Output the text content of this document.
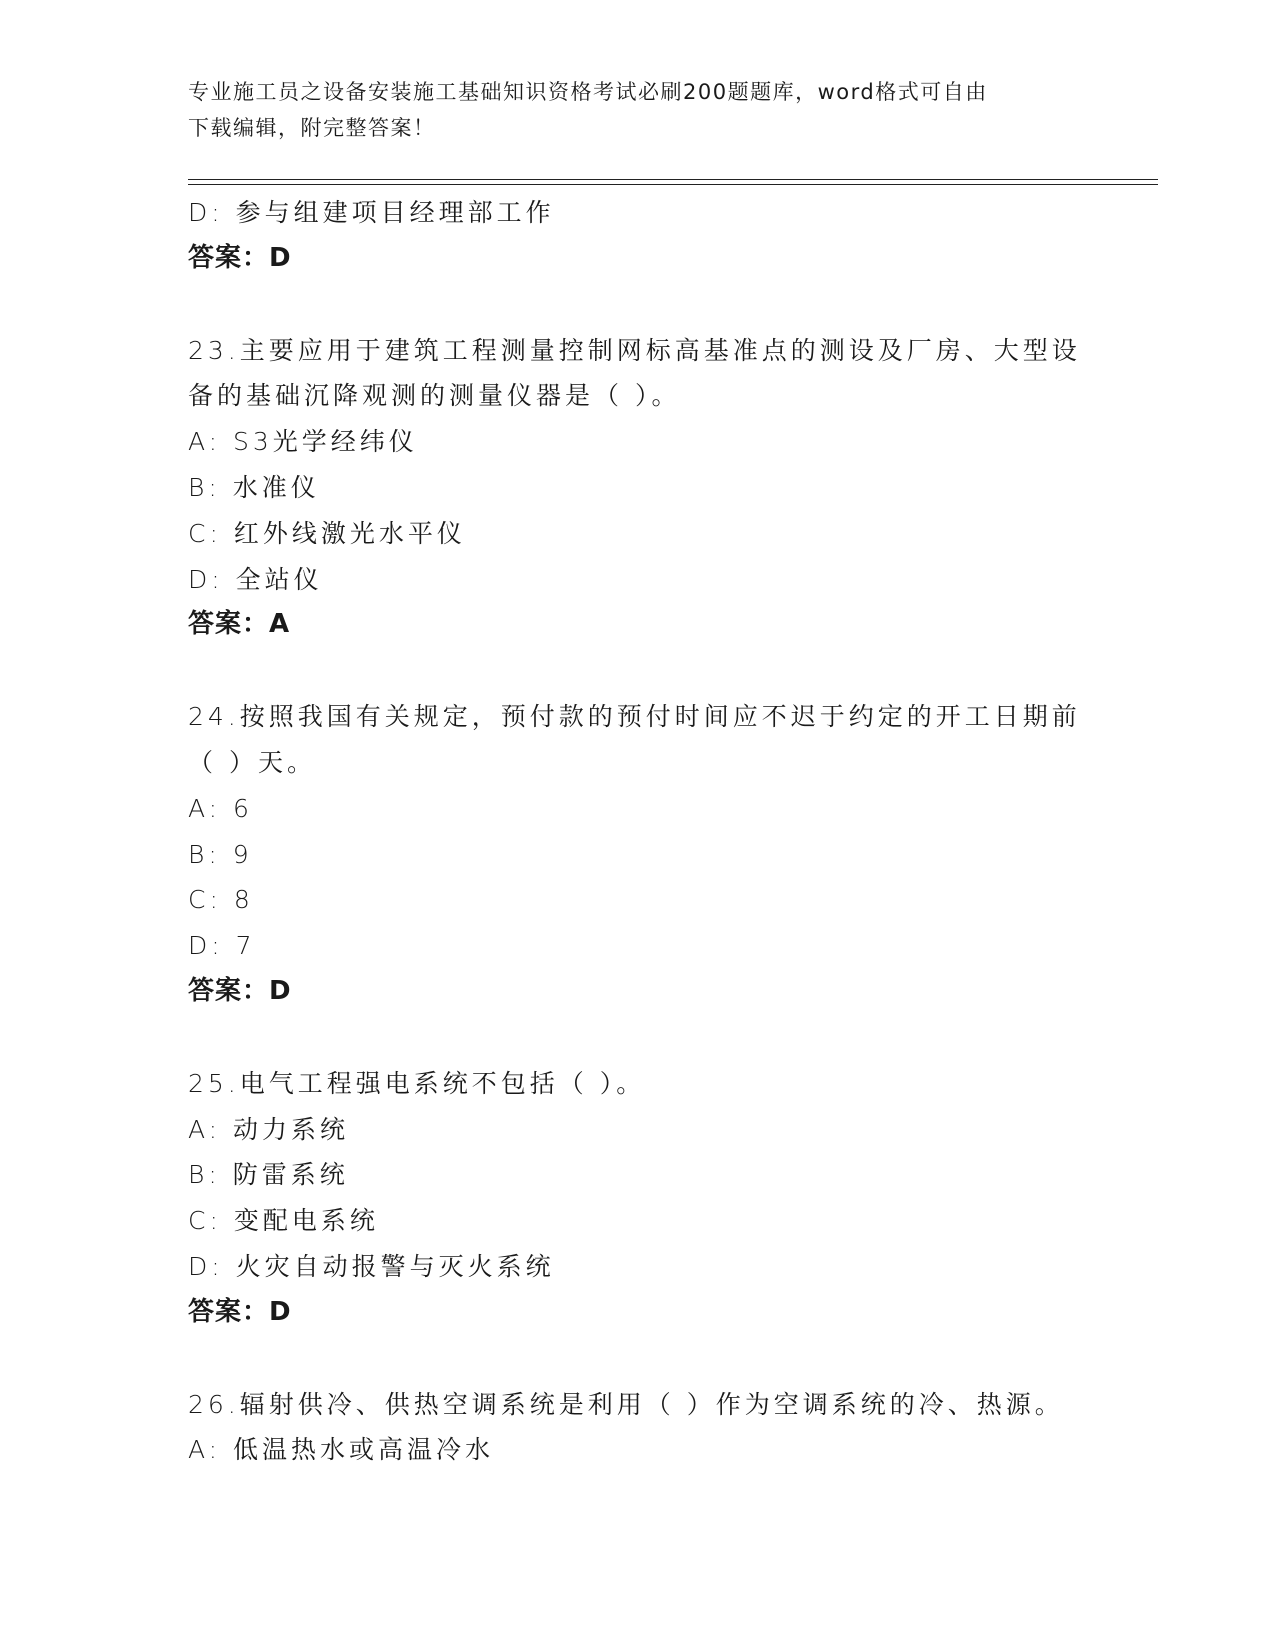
专业施工员之设备安装施工基础知识资格考试必刷200题题库，word格式可自由
下载编辑，附完整答案！
D: 参与组建项目经理部工作
答案：D
23.主要应用于建筑工程测量控制网标高基准点的测设及厂房、大型设
备的基础沉降观测的测量仪器是（ ）。
A: S3光学经纬仪
B: 水准仪
C: 红外线激光水平仪
D: 全站仪
答案：A
24.按照我国有关规定，预付款的预付时间应不迟于约定的开工日期前
（ ）天。
A: 6
B: 9
C: 8
D: 7
答案：D
25.电气工程强电系统不包括（ ）。
A: 动力系统
B: 防雷系统
C: 变配电系统
D: 火灾自动报警与灭火系统
答案：D
26.辐射供冷、供热空调系统是利用（ ）作为空调系统的冷、热源。
A: 低温热水或高温冷水
